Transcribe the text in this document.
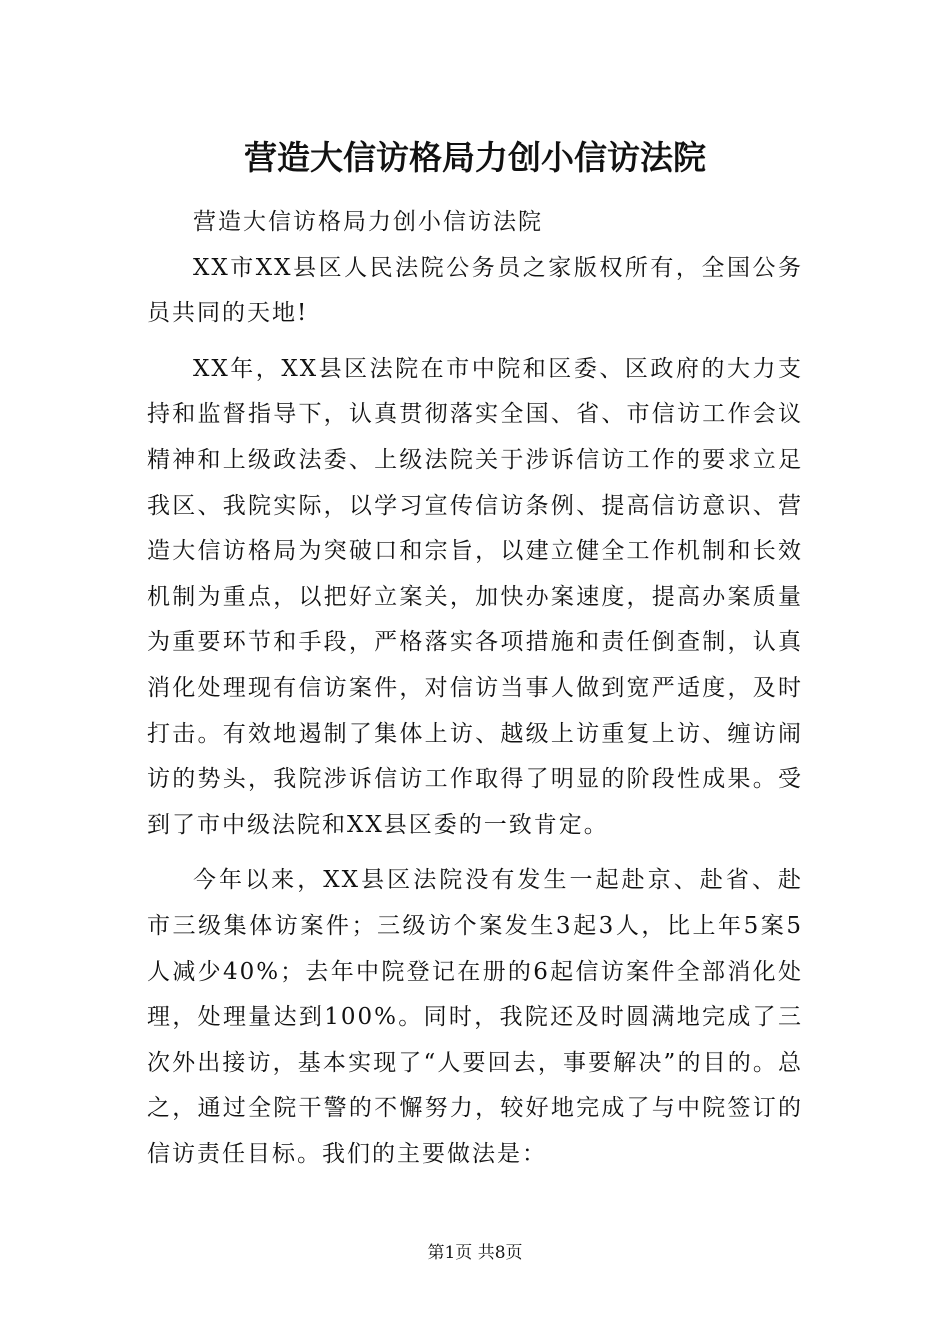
营造大信访格局力创小信访法院

营造大信访格局力创小信访法院

XX市XX县区人民法院公务员之家版权所有，全国公务员共同的天地!

XX年，XX县区法院在市中院和区委、区政府的大力支持和监督指导下，认真贯彻落实全国、省、市信访工作会议精神和上级政法委、上级法院关于涉诉信访工作的要求立足我区、我院实际，以学习宣传信访条例、提高信访意识、营造大信访格局为突破口和宗旨，以建立健全工作机制和长效机制为重点，以把好立案关，加快办案速度，提高办案质量为重要环节和手段，严格落实各项措施和责任倒查制，认真消化处理现有信访案件，对信访当事人做到宽严适度，及时打击。有效地遏制了集体上访、越级上访重复上访、缠访闹访的势头，我院涉诉信访工作取得了明显的阶段性成果。受到了市中级法院和XX县区委的一致肯定。

今年以来，XX县区法院没有发生一起赴京、赴省、赴市三级集体访案件；三级访个案发生3起3人，比上年5案5人减少40%；去年中院登记在册的6起信访案件全部消化处理，处理量达到100%。同时，我院还及时圆满地完成了三次外出接访，基本实现了“人要回去，事要解决”的目的。总之，通过全院干警的不懈努力，较好地完成了与中院签订的信访责任目标。我们的主要做法是：

第1页 共8页
